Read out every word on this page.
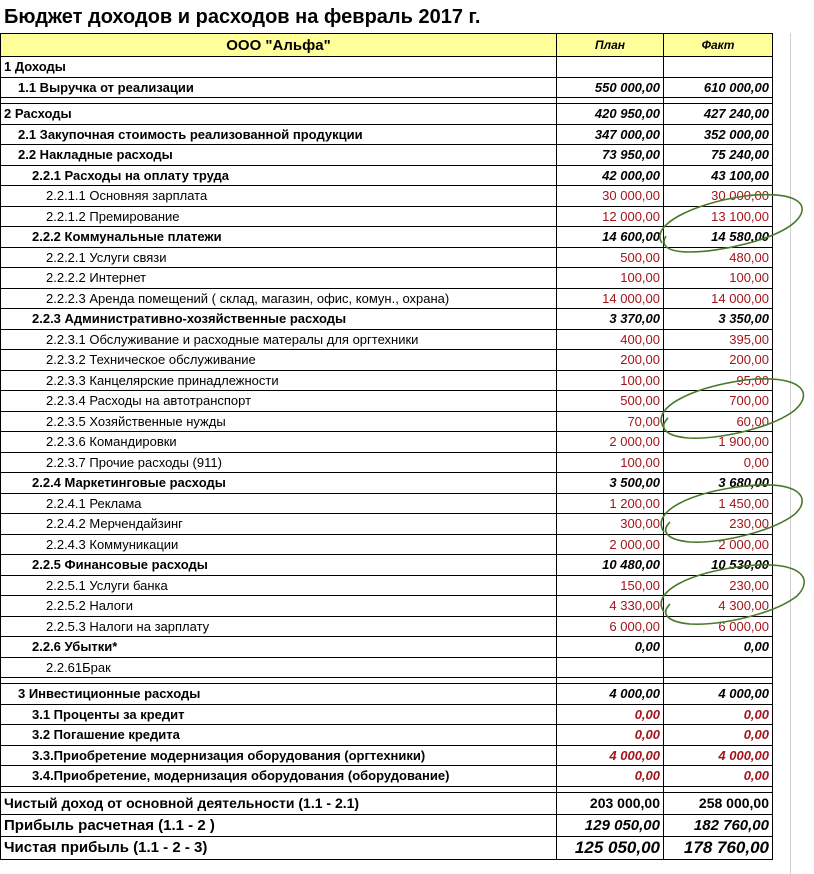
Бюджет доходов и расходов на февраль 2017 г.
ООО "Альфа"	План	Факт
1 Доходы		
1.1 Выручка от реализации	550 000,00	610 000,00

2 Расходы	420 950,00	427 240,00
2.1 Закупочная стоимость реализованной продукции	347 000,00	352 000,00
2.2 Накладные расходы	73 950,00	75 240,00
2.2.1 Расходы на оплату труда	42 000,00	43 100,00
2.2.1.1 Основняя зарплата	30 000,00	30 000,00
2.2.1.2 Премирование	12 000,00	13 100,00
2.2.2 Коммунальные платежи	14 600,00	14 580,00
2.2.2.1 Услуги связи	500,00	480,00
2.2.2.2 Интернет	100,00	100,00
2.2.2.3 Аренда помещений ( склад, магазин, офис, комун., охрана)	14 000,00	14 000,00
2.2.3 Административно-хозяйственные расходы	3 370,00	3 350,00
2.2.3.1 Обслуживание и расходные матерaлы для оргтехники	400,00	395,00
2.2.3.2 Техническое обслуживание	200,00	200,00
2.2.3.3 Канцелярские принадлежности	100,00	95,00
2.2.3.4 Расходы на автотранспорт	500,00	700,00
2.2.3.5 Хозяйственные нужды	70,00	60,00
2.2.3.6 Командировки	2 000,00	1 900,00
2.2.3.7 Прочие расходы (911)	100,00	0,00
2.2.4 Маркетинговые расходы	3 500,00	3 680,00
2.2.4.1 Реклама	1 200,00	1 450,00
2.2.4.2 Мерчендайзинг	300,00	230,00
2.2.4.3 Коммуникации	2 000,00	2 000,00
2.2.5 Финансовые расходы	10 480,00	10 530,00
2.2.5.1 Услуги банка	150,00	230,00
2.2.5.2 Налоги	4 330,00	4 300,00
2.2.5.3 Налоги на зарплату	6 000,00	6 000,00
2.2.6 Убытки*	0,00	0,00
2.2.61Брак		

3 Инвестиционные расходы	4 000,00	4 000,00
3.1 Проценты за кредит	0,00	0,00
3.2 Погашение кредита	0,00	0,00
3.3.Приобретение модернизация оборудования (оргтехники)	4 000,00	4 000,00
3.4.Приобретение, модернизация оборудования (оборудование)	0,00	0,00

Чистый доход от основной деятельности (1.1 - 2.1)	203 000,00	258 000,00
Прибыль расчетная (1.1 - 2 )	129 050,00	182 760,00
Чистая прибыль (1.1 - 2 - 3)	125 050,00	178 760,00
